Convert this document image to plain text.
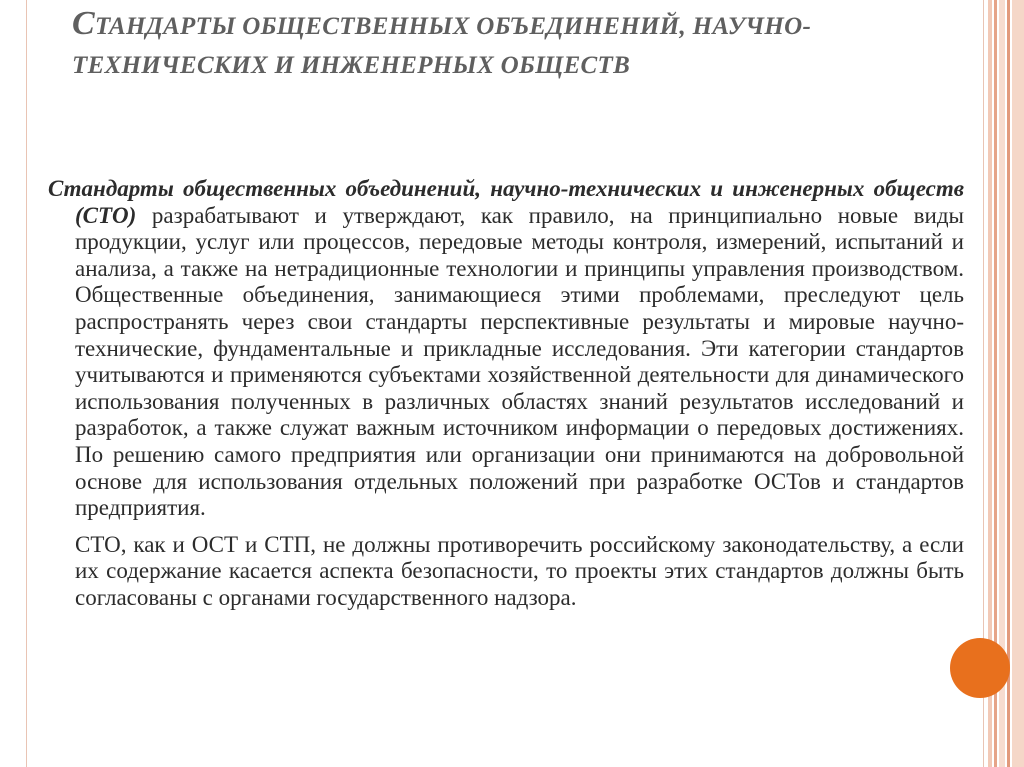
СТАНДАРТЫ ОБЩЕСТВЕННЫХ ОБЪЕДИНЕНИЙ, НАУЧНО-ТЕХНИЧЕСКИХ И ИНЖЕНЕРНЫХ ОБЩЕСТВ

Стандарты общественных объединений, научно-технических и инженерных обществ (СТО) разрабатывают и утверждают, как правило, на принципиально новые виды продукции, услуг или процессов, передовые методы контроля, измерений, испытаний и анализа, а также на нетрадиционные технологии и принципы управления производством. Общественные объединения, занимающиеся этими проблемами, преследуют цель распространять через свои стандарты перспективные результаты и мировые научно-технические, фундаментальные и прикладные исследования. Эти категории стандартов учитываются и применяются субъектами хозяйственной деятельности для динамического использования полученных в различных областях знаний результатов исследований и разработок, а также служат важным источником информации о передовых достижениях. По решению самого предприятия или организации они принимаются на добровольной основе для использования отдельных положений при разработке ОСТов и стандартов предприятия.

СТО, как и ОСТ и СТП, не должны противоречить российскому законодательству, а если их содержание касается аспекта безопасности, то проекты этих стандартов должны быть согласованы с органами государственного надзора.
